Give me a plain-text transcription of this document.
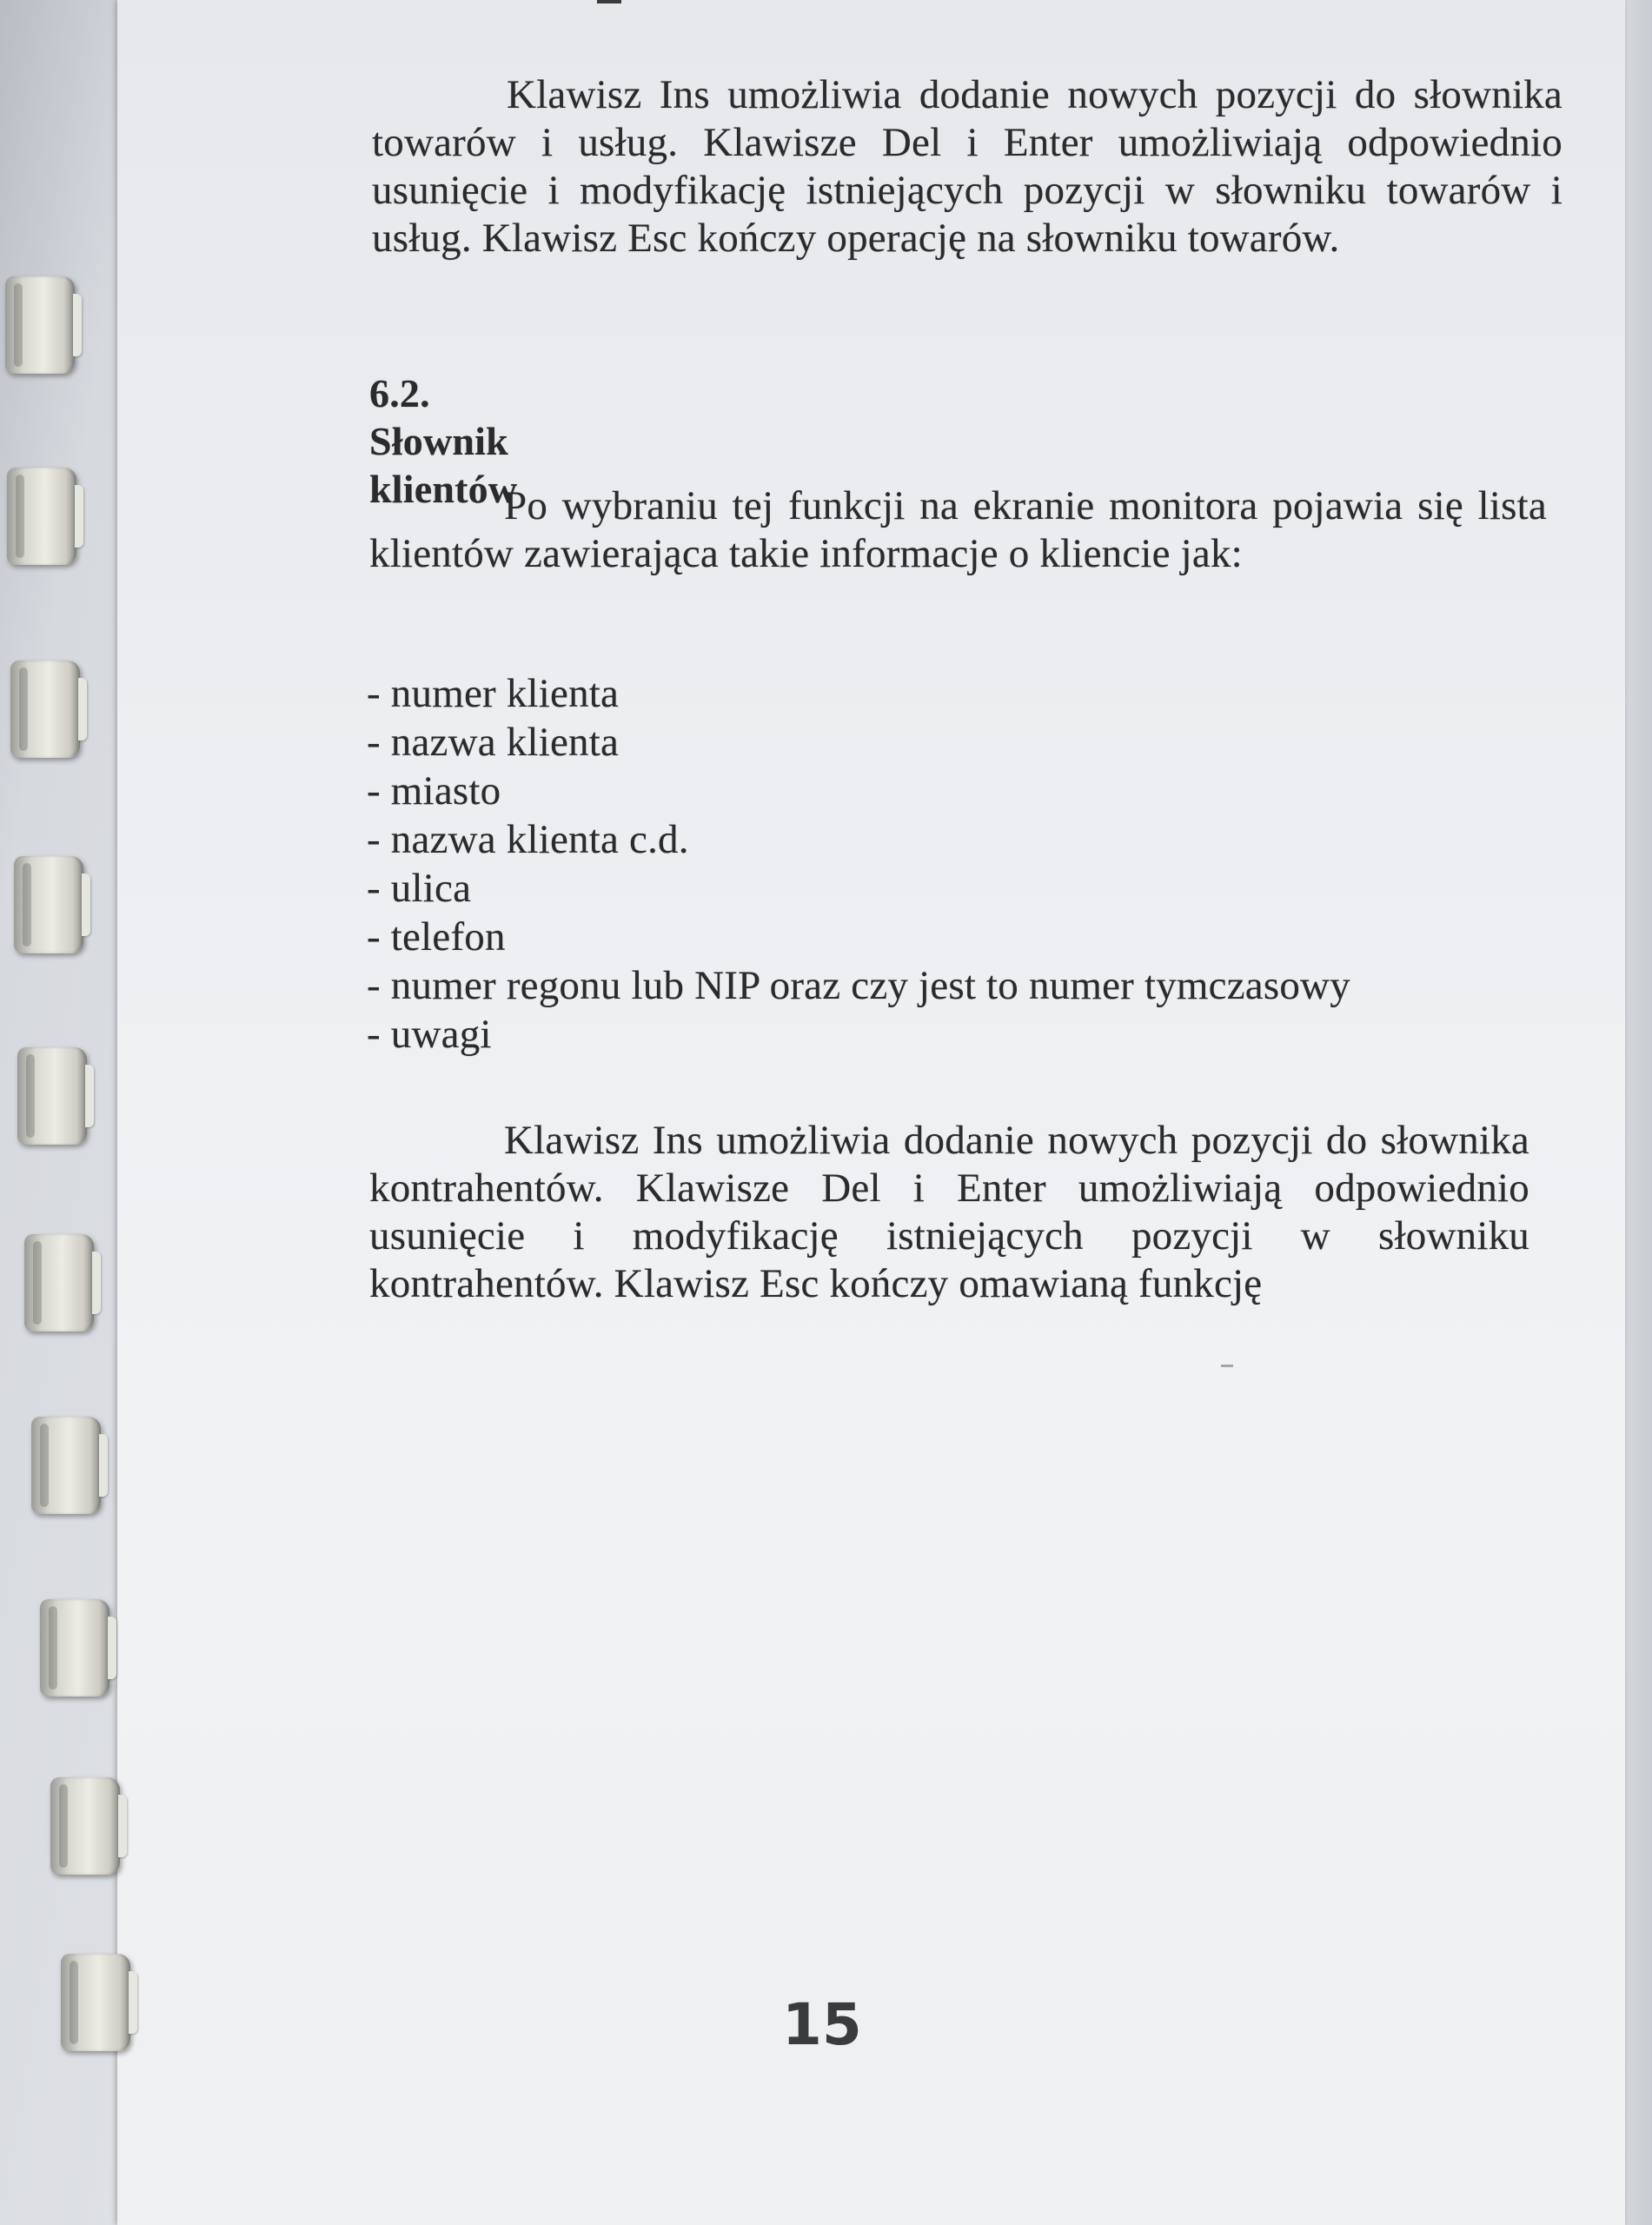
Klawisz Ins umożliwia dodanie nowych pozycji do słownika towarów i usług. Klawisze Del i Enter umożliwiają odpowiednio usunięcie i modyfikację istniejących pozycji w słowniku towarów i usług. Klawisz Esc kończy operację na słowniku towarów.

6.2. Słownik klientów

Po wybraniu tej funkcji na ekranie monitora pojawia się lista klientów zawierająca takie informacje o kliencie jak:

- numer klienta
- nazwa klienta
- miasto
- nazwa klienta c.d.
- ulica
- telefon
- numer regonu lub NIP oraz czy jest to numer tymczasowy
- uwagi

Klawisz Ins umożliwia dodanie nowych pozycji do słownika kontrahentów. Klawisze Del i Enter umożliwiają odpowiednio usunięcie i modyfikację istniejących pozycji w słowniku kontrahentów. Klawisz Esc kończy omawianą funkcję

15
